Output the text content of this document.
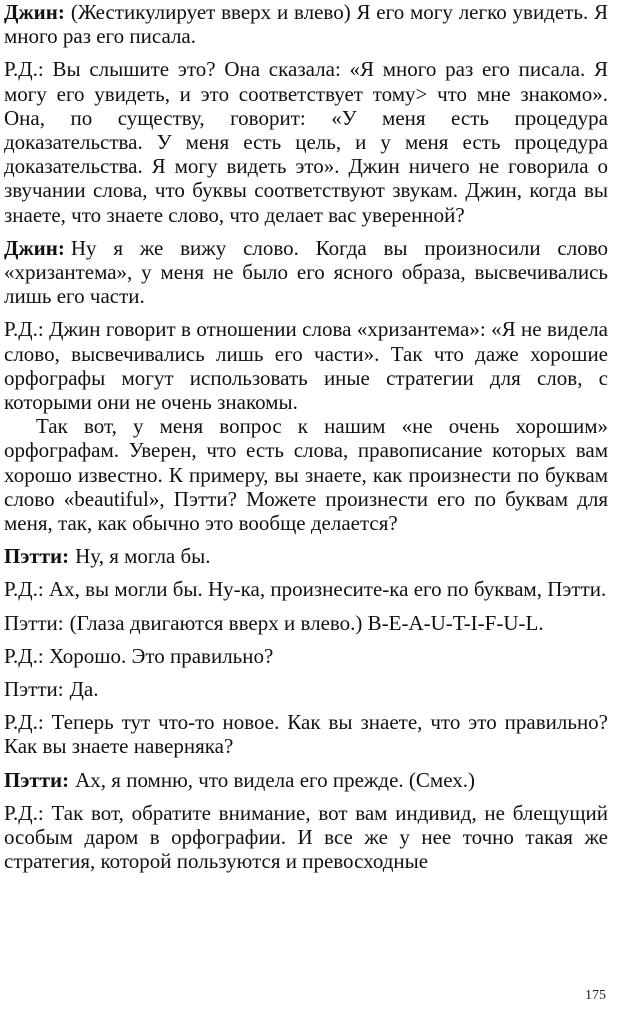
Джин: (Жестикулирует вверх и влево) Я его могу легко увидеть. Я много раз его писала.

Р.Д.: Вы слышите это? Она сказала: «Я много раз его писала. Я могу его увидеть, и это соответствует тому> что мне знакомо». Она, по существу, говорит: «У меня есть процедура доказательства. У меня есть цель, и у меня есть процедура доказательства. Я могу видеть это». Джин ничего не говорила о звучании слова, что буквы соответствуют звукам. Джин, когда вы знаете, что знаете слово, что делает вас уверенной?

Джин: Ну я же вижу слово. Когда вы произносили слово «хризантема», у меня не было его ясного образа, высвечивались лишь его части.

Р.Д.: Джин говорит в отношении слова «хризантема»: «Я не видела слово, высвечивались лишь его части». Так что даже хорошие орфографы могут использовать иные стратегии для слов, с которыми они не очень знакомы.

Так вот, у меня вопрос к нашим «не очень хорошим» орфографам. Уверен, что есть слова, правописание которых вам хорошо известно. К примеру, вы знаете, как произнести по буквам слово «beautiful», Пэтти? Можете произнести его по буквам для меня, так, как обычно это вообще делается?

Пэтти: Ну, я могла бы.

Р.Д.: Ах, вы могли бы. Ну-ка, произнесите-ка его по буквам, Пэтти.

Пэтти: (Глаза двигаются вверх и влево.) B-E-A-U-T-I-F-U-L.

Р.Д.: Хорошо. Это правильно?

Пэтти: Да.

Р.Д.: Теперь тут что-то новое. Как вы знаете, что это правильно? Как вы знаете наверняка?

Пэтти: Ах, я помню, что видела его прежде. (Смех.)

Р.Д.: Так вот, обратите внимание, вот вам индивид, не блещущий особым даром в орфографии. И все же у нее точно такая же стратегия, которой пользуются и превосходные

175
